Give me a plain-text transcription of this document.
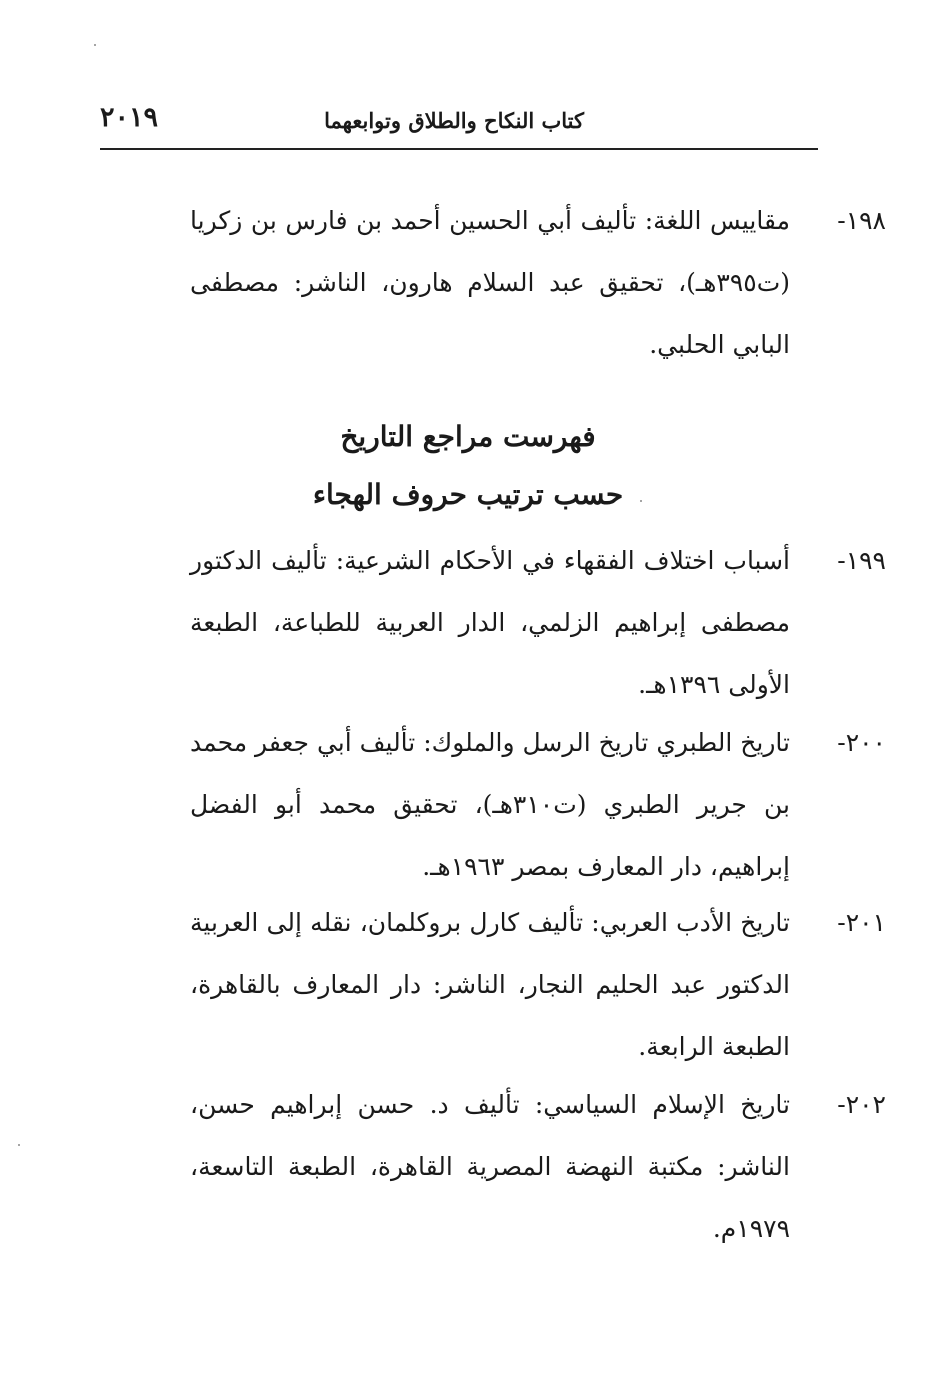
كتاب النكاح والطلاق وتوابعهما
٢٠١٩
١٩٨-
مقاييس اللغة: تأليف أبي الحسين أحمد بن فارس بن زكريا (ت٣٩٥هـ)، تحقيق عبد السلام هارون، الناشر: مصطفى البابي الحلبي.
فهرست مراجع التاريخ
حسب ترتيب حروف الهجاء
١٩٩-
أسباب اختلاف الفقهاء في الأحكام الشرعية: تأليف الدكتور مصطفى إبراهيم الزلمي، الدار العربية للطباعة، الطبعة الأولى ١٣٩٦هـ.
٢٠٠-
تاريخ الطبري تاريخ الرسل والملوك: تأليف أبي جعفر محمد بن جرير الطبري (ت٣١٠هـ)، تحقيق محمد أبو الفضل إبراهيم، دار المعارف بمصر ١٩٦٣هـ.
٢٠١-
تاريخ الأدب العربي: تأليف كارل بروكلمان، نقله إلى العربية الدكتور عبد الحليم النجار، الناشر: دار المعارف بالقاهرة، الطبعة الرابعة.
٢٠٢-
تاريخ الإسلام السياسي: تأليف د. حسن إبراهيم حسن، الناشر: مكتبة النهضة المصرية القاهرة، الطبعة التاسعة، ١٩٧٩م.
